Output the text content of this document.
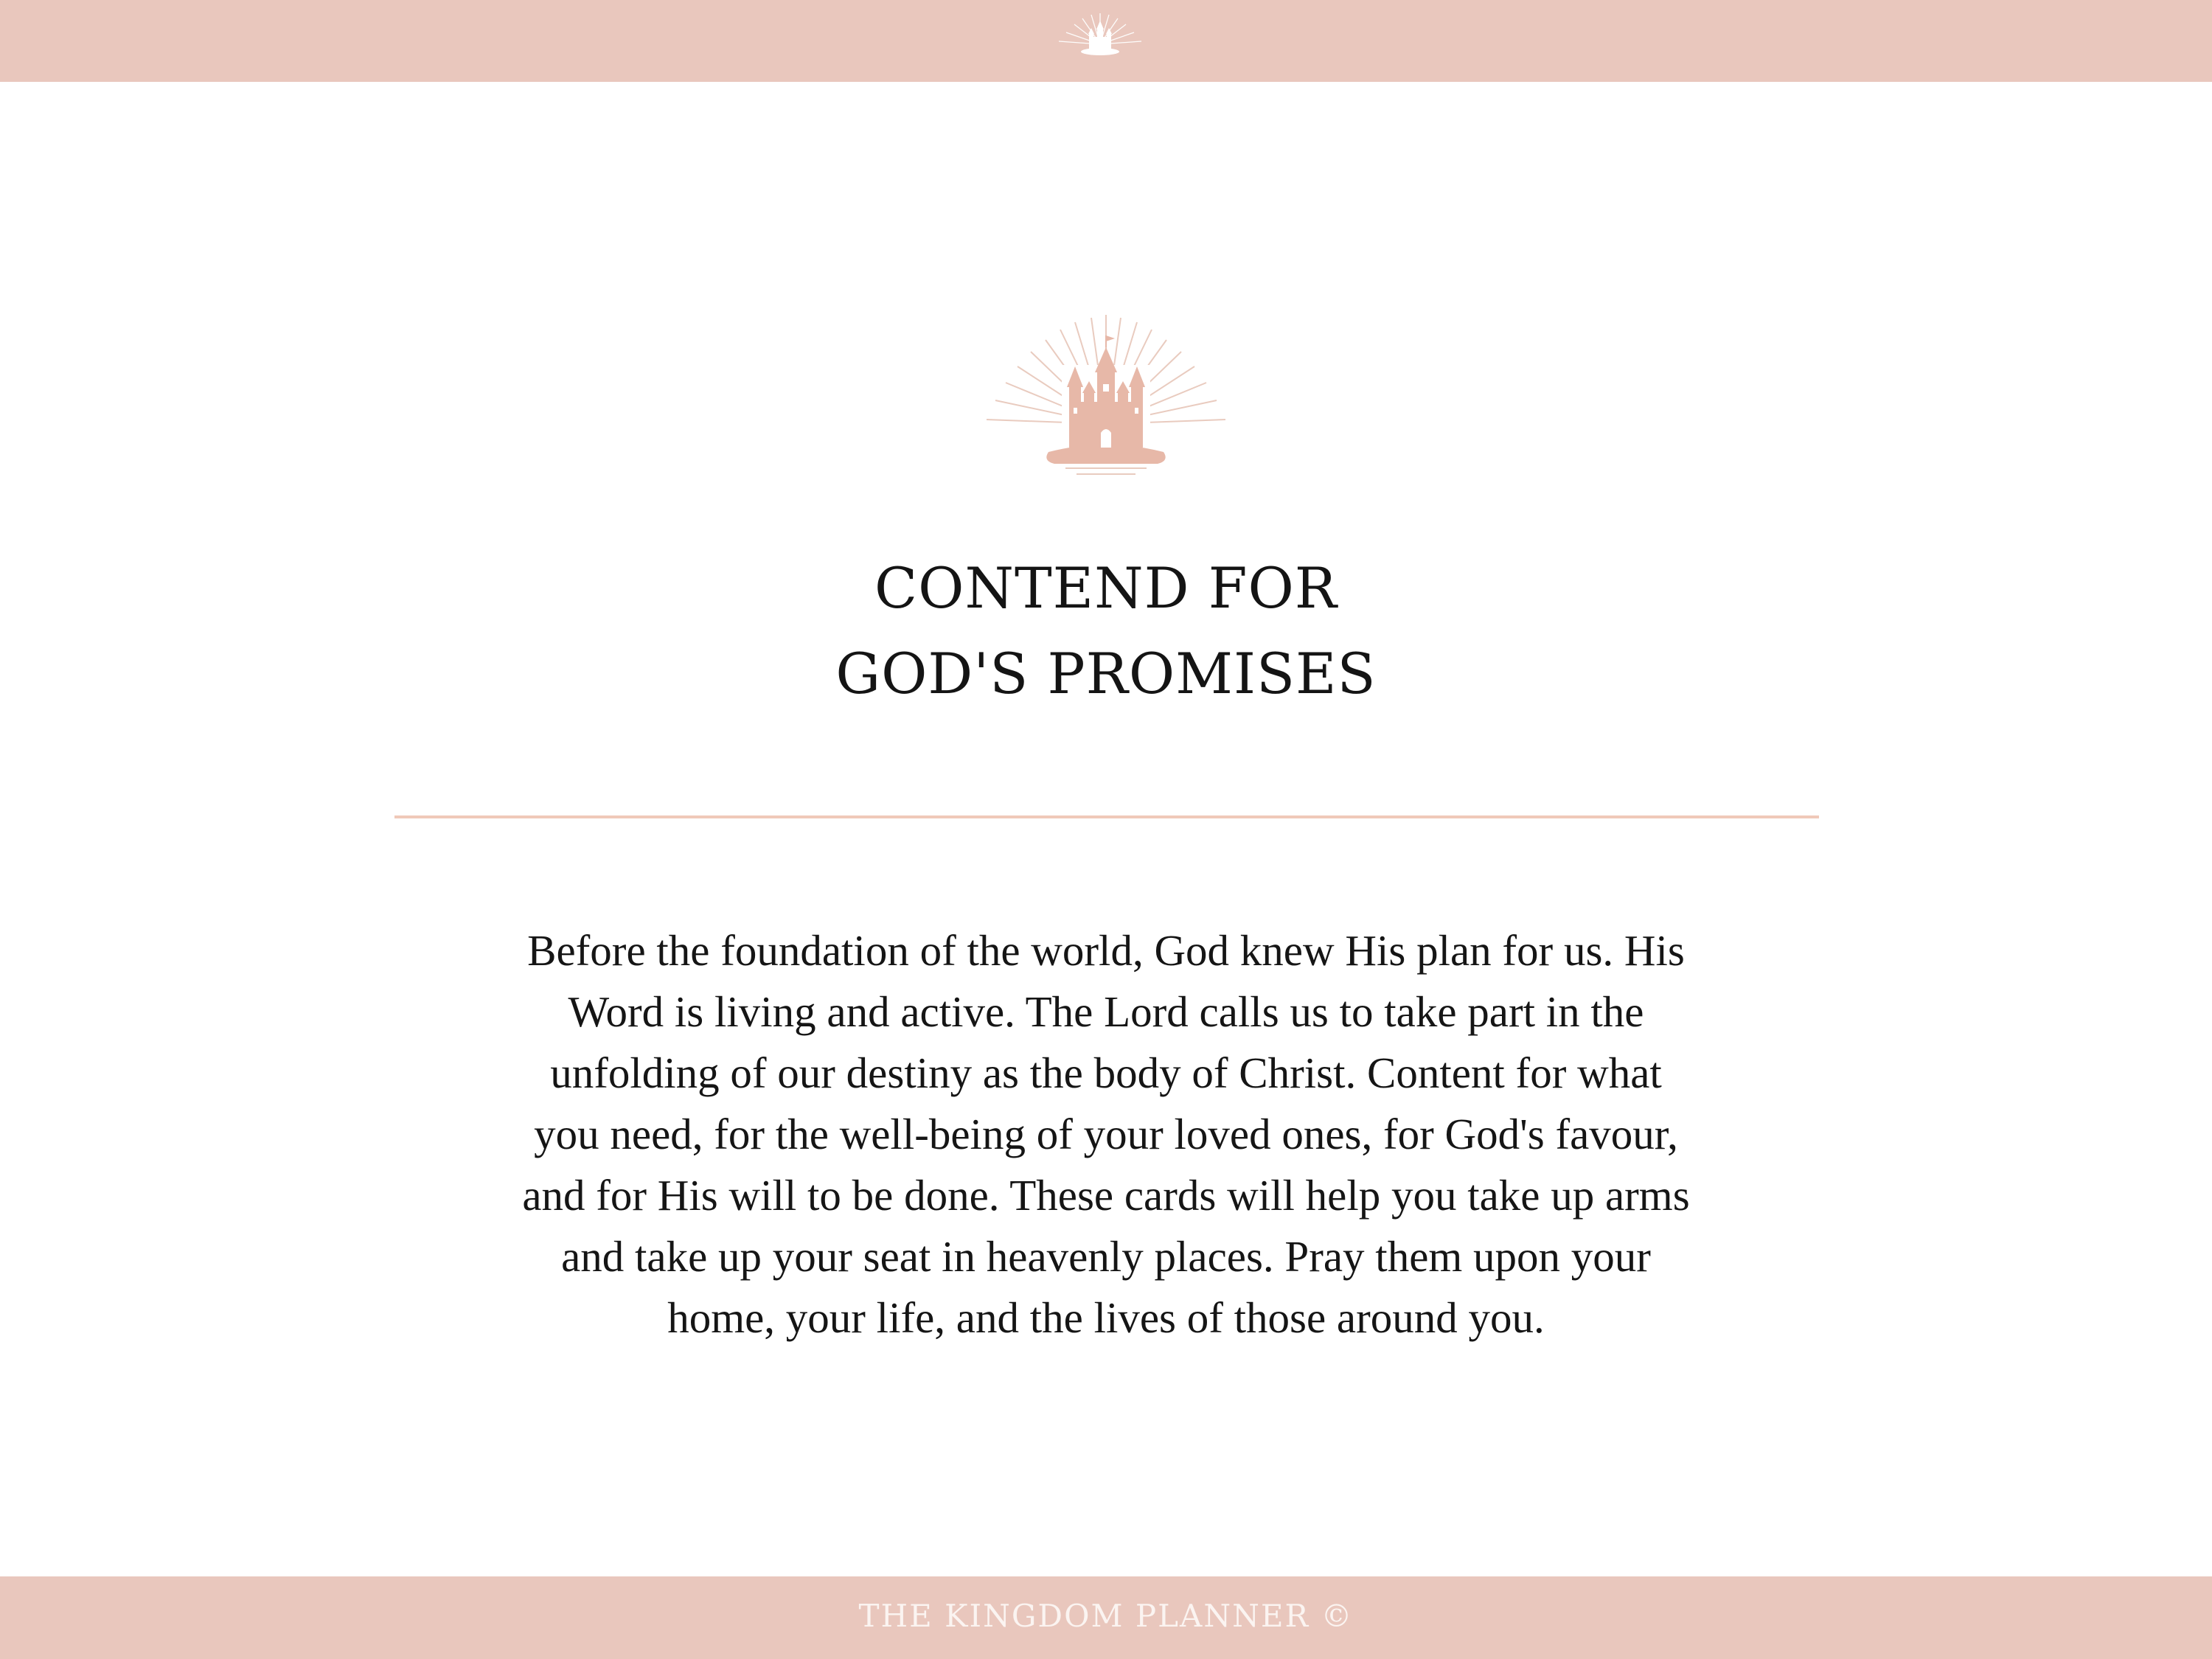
CONTEND FOR
GOD'S PROMISES
Before the foundation of the world, God knew His plan for us. His
Word is living and active. The Lord calls us to take part in the
unfolding of our destiny as the body of Christ. Content for what
you need, for the well-being of your loved ones, for God's favour,
and for His will to be done. These cards will help you take up arms
and take up your seat in heavenly places. Pray them upon your
home, your life, and the lives of those around you.
THE KINGDOM PLANNER ©
